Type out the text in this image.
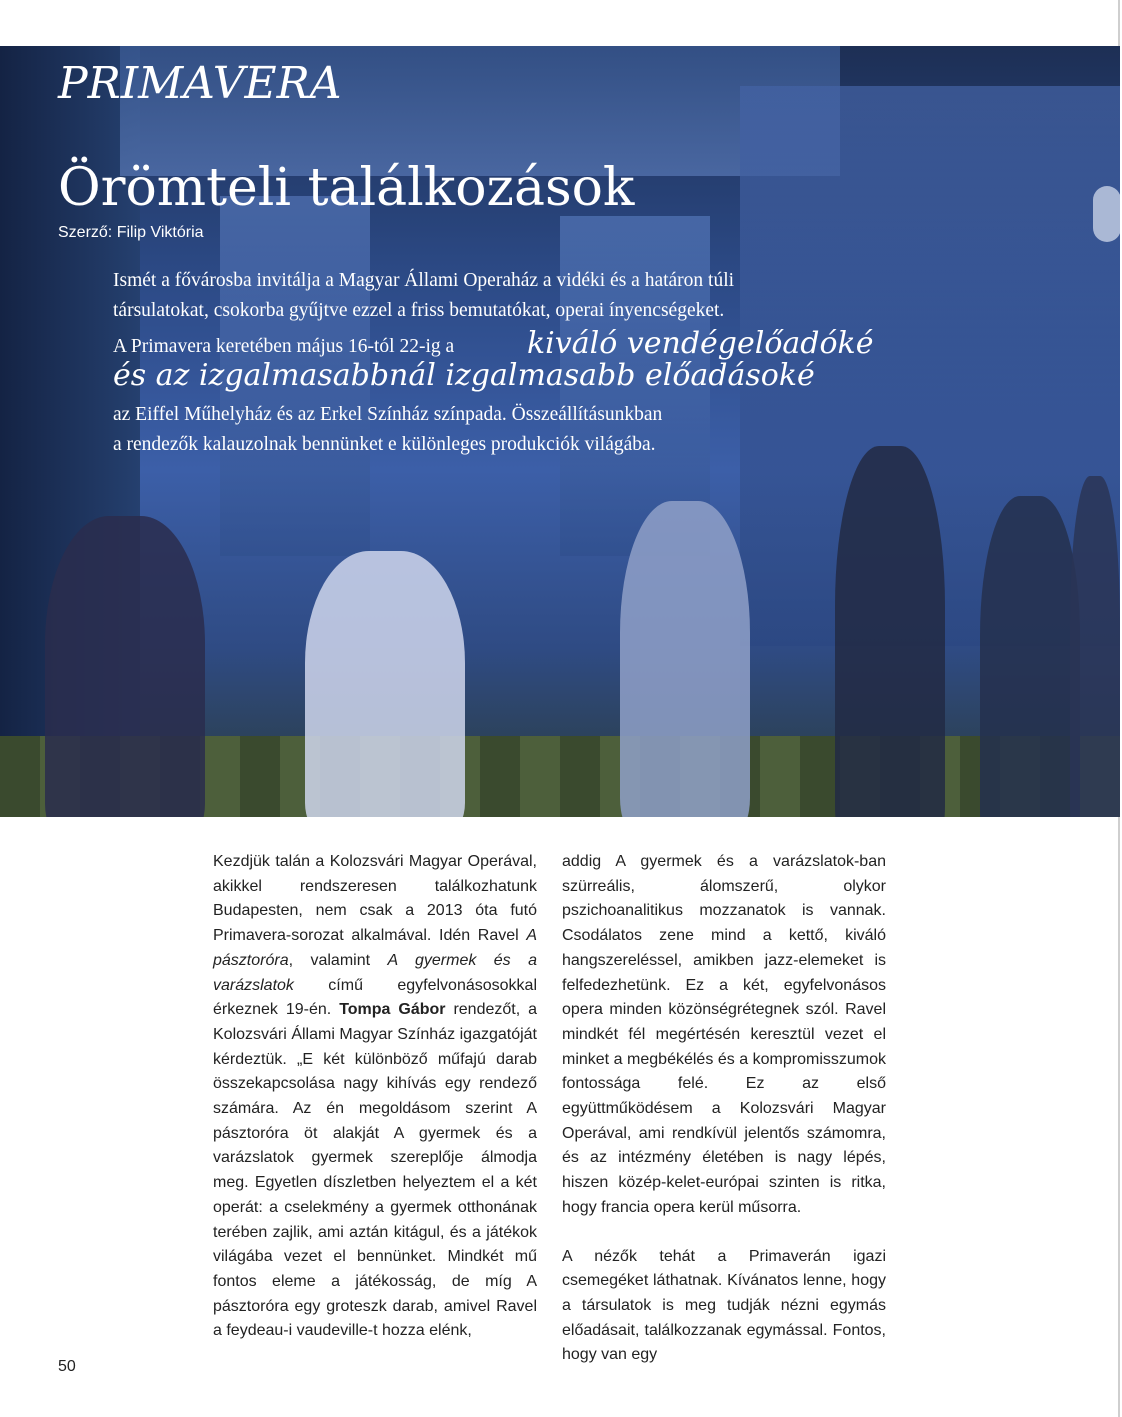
PRIMAVERA
Örömteli találkozások
Szerző: Filip Viktória
Ismét a fővárosba invitálja a Magyar Állami Operaház a vidéki és a határon túli
társulatokat, csokorba gyűjtve ezzel a friss bemutatókat, operai ínyencségeket.
A Primavera keretében május 16-tól 22-ig a	kiváló vendégelőadóké
és az izgalmasabbnál izgalmasabb előadásoké
az Eiffel Műhelyház és az Erkel Színház színpada. Összeállításunkban
a rendezők kalauzolnak bennünket e különleges produkciók világába.

Kezdjük talán a Kolozsvári Magyar Operával, akikkel rendszeresen találkozhatunk Budapesten, nem csak a 2013 óta futó Primavera-sorozat alkalmával. Idén Ravel A pásztoróra, valamint A gyermek és a varázslatok című egyfelvonásosokkal érkeznek 19-én. Tompa Gábor rendezőt, a Kolozsvári Állami Magyar Színház igazgatóját kérdeztük. „E két különböző műfajú darab összekapcsolása nagy kihívás egy rendező számára. Az én megoldásom szerint A pásztoróra öt alakját A gyermek és a varázslatok gyermek szereplője álmodja meg. Egyetlen díszletben helyeztem el a két operát: a cselekmény a gyermek otthonának terében zajlik, ami aztán kitágul, és a játékok világába vezet el bennünket. Mindkét mű fontos eleme a játékosság, de míg A pásztoróra egy groteszk darab, amivel Ravel a feydeau-i vaudeville-t hozza elénk,

addig A gyermek és a varázslatok-ban szürreális, álomszerű, olykor pszichoanalitikus mozzanatok is vannak. Csodálatos zene mind a kettő, kiváló hangszereléssel, amikben jazz-elemeket is felfedezhetünk. Ez a két, egyfelvonásos opera minden közönségrétegnek szól. Ravel mindkét fél megértésén keresztül vezet el minket a megbékélés és a kompromisszumok fontossága felé. Ez az első együttműködésem a Kolozsvári Magyar Operával, ami rendkívül jelentős számomra, és az intézmény életében is nagy lépés, hiszen közép-kelet-európai szinten is ritka, hogy francia opera kerül műsorra.

A nézők tehát a Primaverán igazi csemegéket láthatnak. Kívánatos lenne, hogy a társulatok is meg tudják nézni egymás előadásait, találkozzanak egymással. Fontos, hogy van egy

50
